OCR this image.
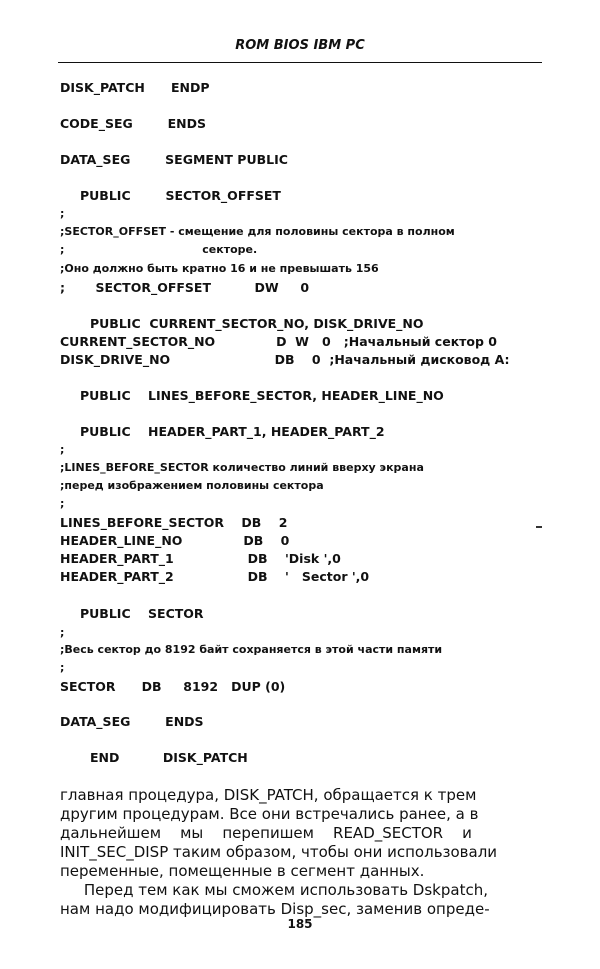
ROM BIOS IBM PC
DISK_PATCH      ENDP
CODE_SEG        ENDS
DATA_SEG        SEGMENT PUBLIC
PUBLIC        SECTOR_OFFSET
;
;SECTOR_OFFSET - смещение для половины сектора в полном
;                                    секторе.
;Оно должно быть кратно 16 и не превышать 156
;       SECTOR_OFFSET          DW     0
PUBLIC  CURRENT_SECTOR_NO, DISK_DRIVE_NO
CURRENT_SECTOR_NO              D  W   0   ;Начальный сектор 0
DISK_DRIVE_NO                        DB    0  ;Начальный дисковод A:
PUBLIC    LINES_BEFORE_SECTOR, HEADER_LINE_NO
PUBLIC    HEADER_PART_1, HEADER_PART_2
;
;LINES_BEFORE_SECTOR количество линий вверху экрана
;перед изображением половины сектора
;
LINES_BEFORE_SECTOR    DB    2
HEADER_LINE_NO              DB    0
HEADER_PART_1                 DB    'Disk ',0
HEADER_PART_2                 DB    '   Sector ',0
PUBLIC    SECTOR
;
;Весь сектор до 8192 байт сохраняется в этой части памяти
;
SECTOR      DB     8192   DUP (0)
DATA_SEG        ENDS
END          DISK_PATCH
главная процедура, DISK_PATCH, обращается к трем
другим процедурам. Все они встречались ранее, а в
дальнейшем    мы    перепишем    READ_SECTOR    и
INIT_SEC_DISP таким образом, чтобы они использовали
переменные, помещенные в сегмент данных.
Перед тем как мы сможем использовать Dskpatch,
нам надо модифицировать Disp_sec, заменив опреде-
185
